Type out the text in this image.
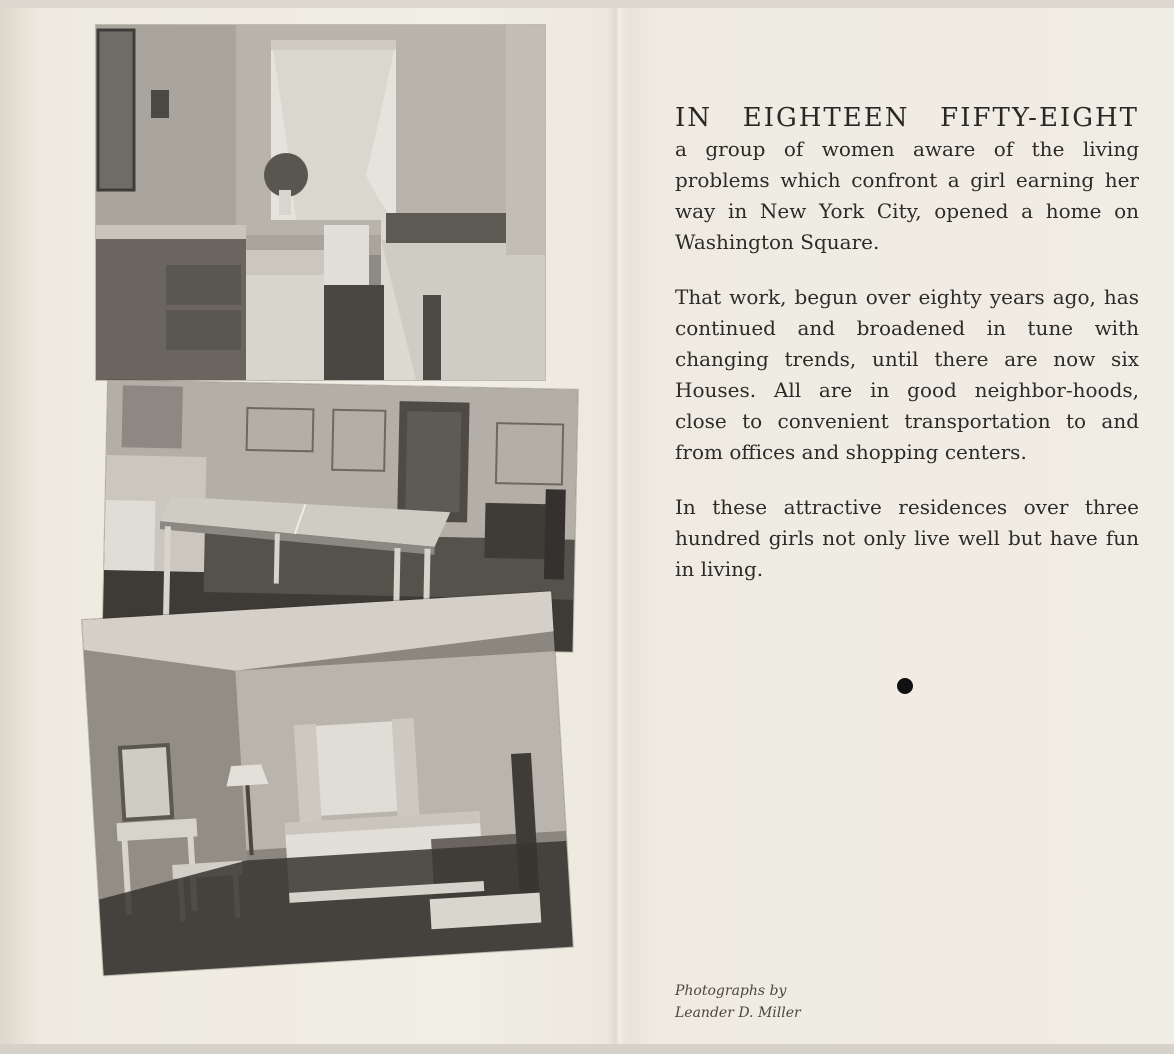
IN EIGHTEEN FIFTY-EIGHT

a group of women aware of the living problems which confront a girl earning her way in New York City, opened a home on Washington Square.

That work, begun over eighty years ago, has continued and broadened in tune with changing trends, until there are now six Houses. All are in good neighbor-hoods, close to convenient transportation to and from offices and shopping centers.

In these attractive residences over three hundred girls not only live well but have fun in living.

Photographs by
Leander D. Miller
